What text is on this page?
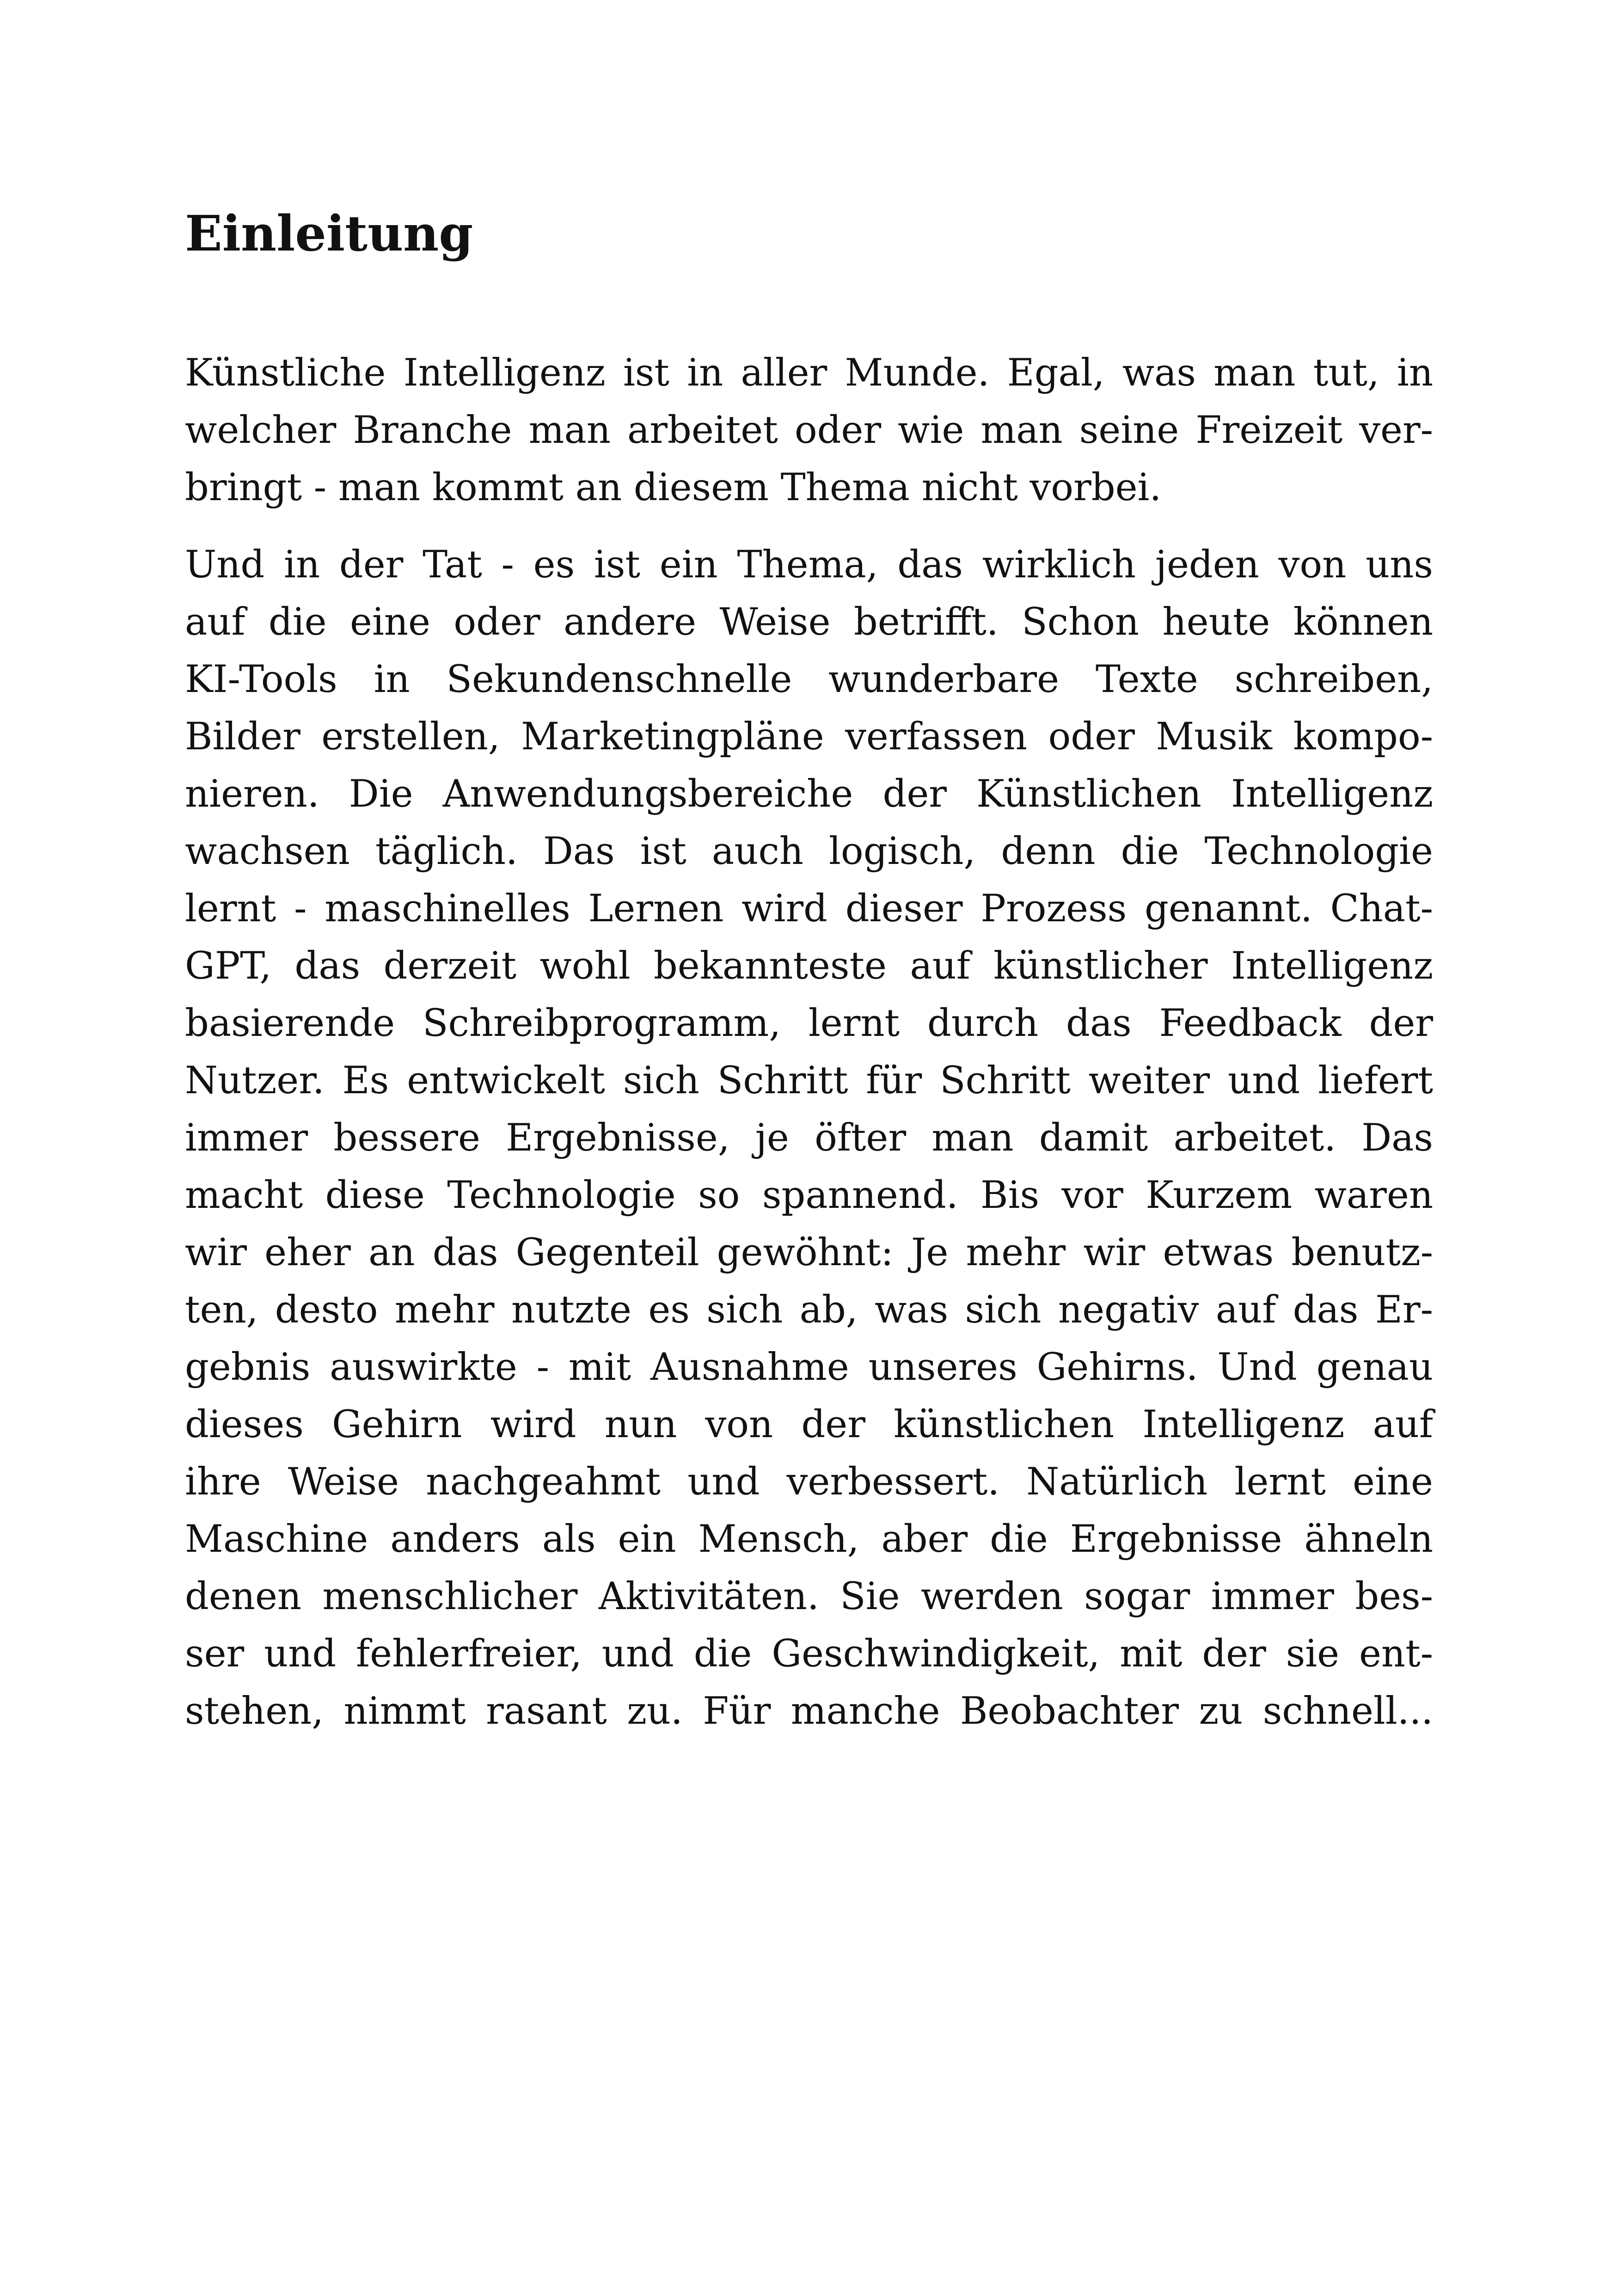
Einleitung
Künstliche Intelligenz ist in aller Munde. Egal, was man tut, in
welcher Branche man arbeitet oder wie man seine Freizeit ver-
bringt - man kommt an diesem Thema nicht vorbei.
Und in der Tat - es ist ein Thema, das wirklich jeden von uns
auf die eine oder andere Weise betrifft. Schon heute können
KI-Tools in Sekundenschnelle wunderbare Texte schreiben,
Bilder erstellen, Marketingpläne verfassen oder Musik kompo-
nieren. Die Anwendungsbereiche der Künstlichen Intelligenz
wachsen täglich. Das ist auch logisch, denn die Technologie
lernt - maschinelles Lernen wird dieser Prozess genannt. Chat-
GPT, das derzeit wohl bekannteste auf künstlicher Intelligenz
basierende Schreibprogramm, lernt durch das Feedback der
Nutzer. Es entwickelt sich Schritt für Schritt weiter und liefert
immer bessere Ergebnisse, je öfter man damit arbeitet. Das
macht diese Technologie so spannend. Bis vor Kurzem waren
wir eher an das Gegenteil gewöhnt: Je mehr wir etwas benutz-
ten, desto mehr nutzte es sich ab, was sich negativ auf das Er-
gebnis auswirkte - mit Ausnahme unseres Gehirns. Und genau
dieses Gehirn wird nun von der künstlichen Intelligenz auf
ihre Weise nachgeahmt und verbessert. Natürlich lernt eine
Maschine anders als ein Mensch, aber die Ergebnisse ähneln
denen menschlicher Aktivitäten. Sie werden sogar immer bes-
ser und fehlerfreier, und die Geschwindigkeit, mit der sie ent-
stehen, nimmt rasant zu. Für manche Beobachter zu schnell...
